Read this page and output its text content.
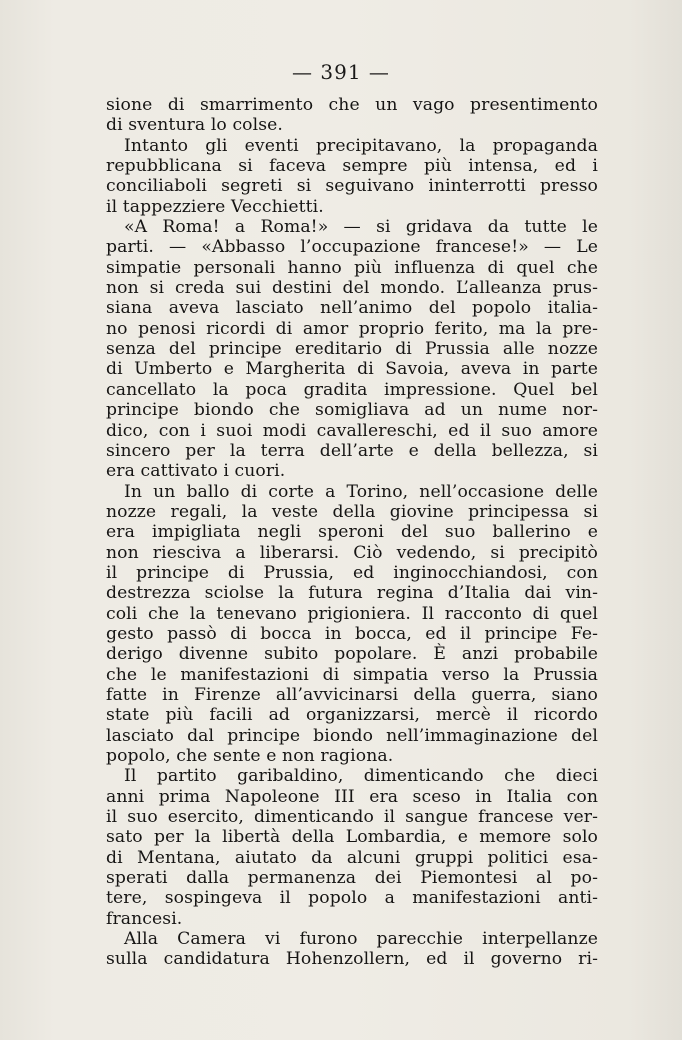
— 391 —
sione di smarrimento che un vago presentimento
di sventura lo colse.
Intanto gli eventi precipitavano, la propaganda
repubblicana si faceva sempre più intensa, ed i
conciliaboli segreti si seguivano ininterrotti presso
il tappezziere Vecchietti.
«A Roma! a Roma!» — si gridava da tutte le
parti. — «Abbasso l’occupazione francese!» — Le
simpatie personali hanno più influenza di quel che
non si creda sui destini del mondo. L’alleanza prus-
siana aveva lasciato nell’animo del popolo italia-
no penosi ricordi di amor proprio ferito, ma la pre-
senza del principe ereditario di Prussia alle nozze
di Umberto e Margherita di Savoia, aveva in parte
cancellato la poca gradita impressione. Quel bel
principe biondo che somigliava ad un nume nor-
dico, con i suoi modi cavallereschi, ed il suo amore
sincero per la terra dell’arte e della bellezza, si
era cattivato i cuori.
In un ballo di corte a Torino, nell’occasione delle
nozze regali, la veste della giovine principessa si
era impigliata negli speroni del suo ballerino e
non riesciva a liberarsi. Ciò vedendo, si precipitò
il principe di Prussia, ed inginocchiandosi, con
destrezza sciolse la futura regina d’Italia dai vin-
coli che la tenevano prigioniera. Il racconto di quel
gesto passò di bocca in bocca, ed il principe Fe-
derigo divenne subito popolare. È anzi probabile
che le manifestazioni di simpatia verso la Prussia
fatte in Firenze all’avvicinarsi della guerra, siano
state più facili ad organizzarsi, mercè il ricordo
lasciato dal principe biondo nell’immaginazione del
popolo, che sente e non ragiona.
Il partito garibaldino, dimenticando che dieci
anni prima Napoleone III era sceso in Italia con
il suo esercito, dimenticando il sangue francese ver-
sato per la libertà della Lombardia, e memore solo
di Mentana, aiutato da alcuni gruppi politici esa-
sperati dalla permanenza dei Piemontesi al po-
tere, sospingeva il popolo a manifestazioni anti-
francesi.
Alla Camera vi furono parecchie interpellanze
sulla candidatura Hohenzollern, ed il governo ri-
